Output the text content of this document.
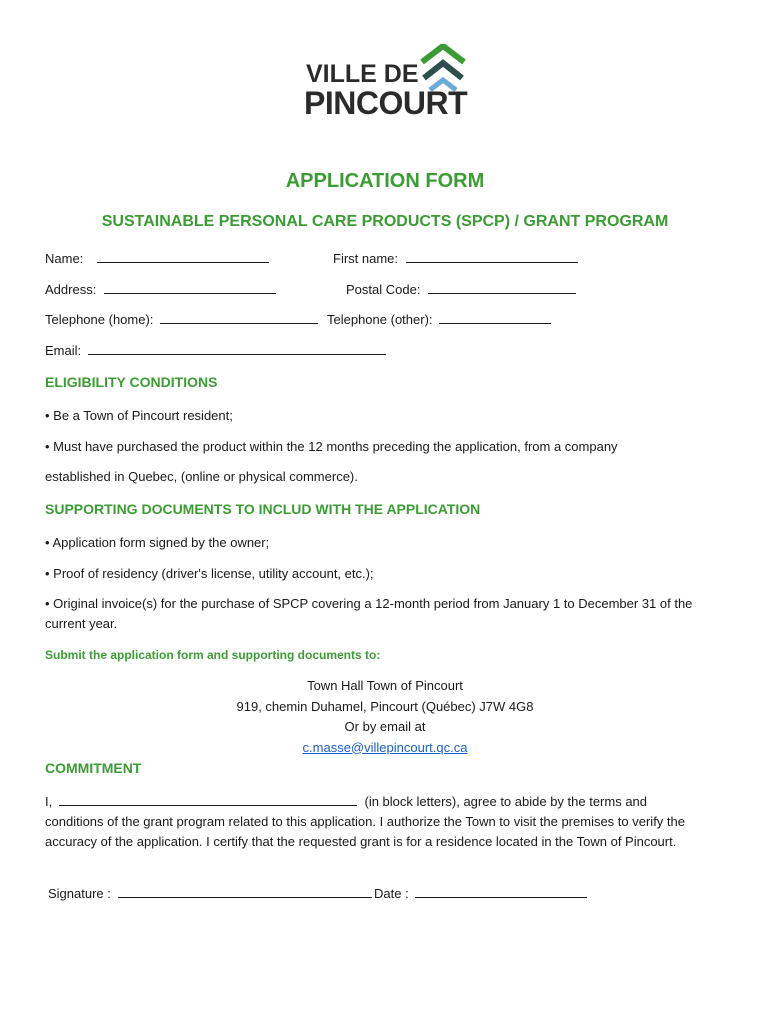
VILLE DE
PINCOURT
APPLICATION FORM
SUSTAINABLE PERSONAL CARE PRODUCTS (SPCP) / GRANT PROGRAM
Name:	First name:
Address:	Postal Code:
Telephone (home):	Telephone (other):
Email:
ELIGIBILITY CONDITIONS
• Be a Town of Pincourt resident;
• Must have purchased the product within the 12 months preceding the application, from a company
established in Quebec, (online or physical commerce).
SUPPORTING DOCUMENTS TO INCLUD WITH THE APPLICATION
• Application form signed by the owner;
• Proof of residency (driver's license, utility account, etc.);
• Original invoice(s) for the purchase of SPCP covering a 12-month period from January 1 to December 31 of the current year.
Submit the application form and supporting documents to:
Town Hall Town of Pincourt
919, chemin Duhamel, Pincourt (Québec) J7W 4G8
Or by email at
c.masse@villepincourt.qc.ca
COMMITMENT
I,	(in block letters), agree to abide by the terms and
conditions of the grant program related to this application. I authorize the Town to visit the premises to verify the accuracy of the application. I certify that the requested grant is for a residence located in the Town of Pincourt.
Signature :	Date :
